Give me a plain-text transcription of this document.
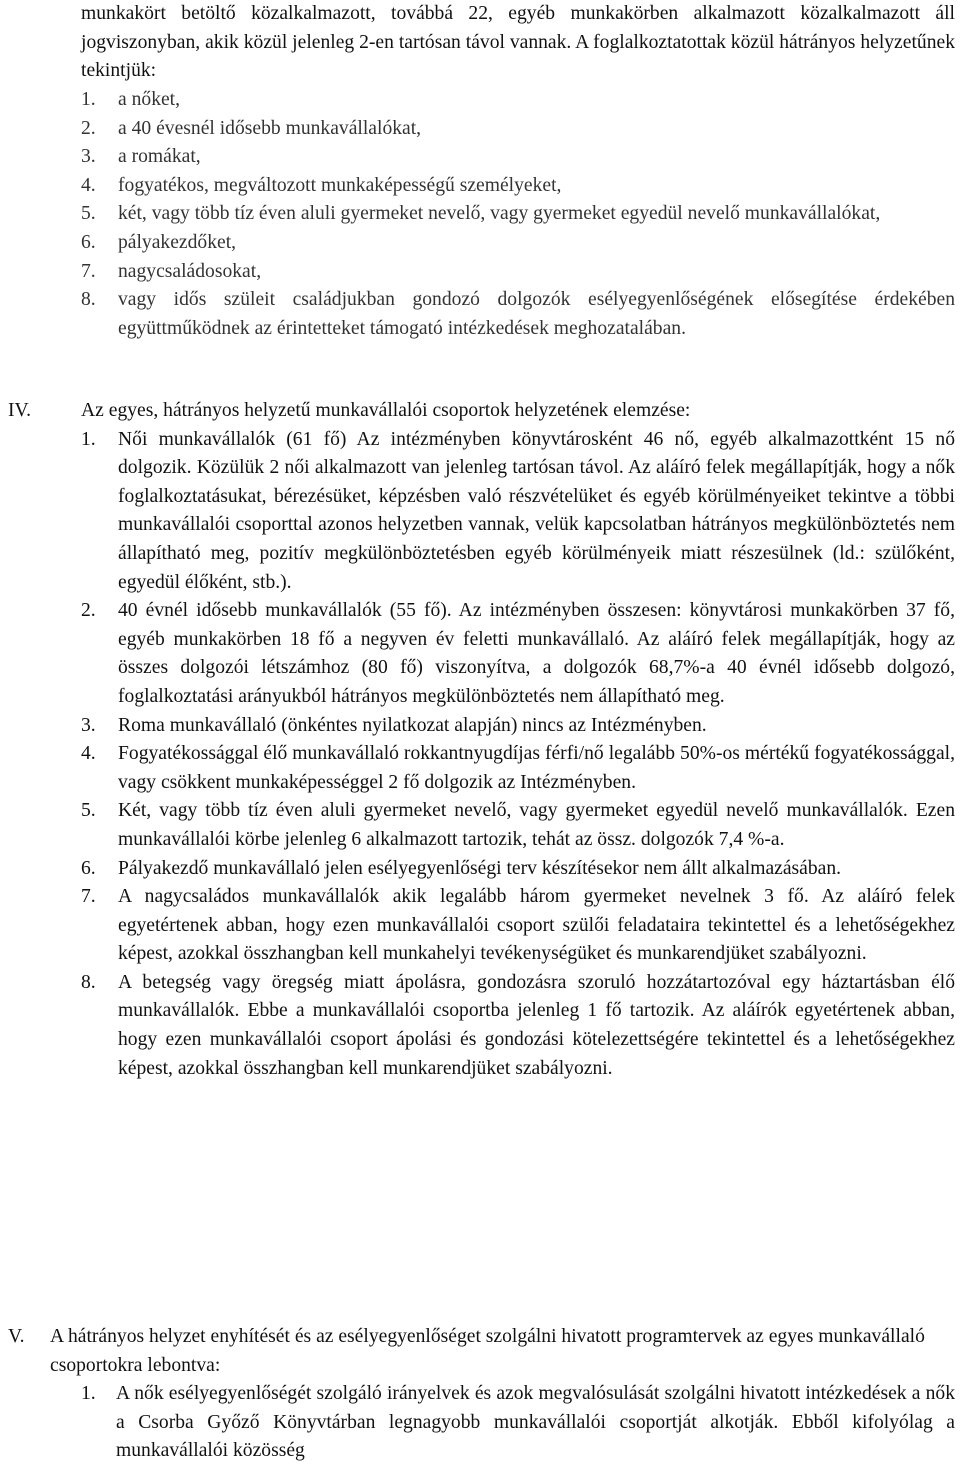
munkakört betöltő közalkalmazott, továbbá 22, egyéb munkakörben alkalmazott közalkalmazott áll jogviszonyban, akik közül jelenleg 2-en tartósan távol vannak. A foglalkoztatottak közül hátrányos helyzetűnek tekintjük:
1.	a nőket,
2.	a 40 évesnél idősebb munkavállalókat,
3.	a romákat,
4.	fogyatékos, megváltozott munkaképességű személyeket,
5.	két, vagy több tíz éven aluli gyermeket nevelő, vagy gyermeket egyedül nevelő munkavállalókat,
6.	pályakezdőket,
7.	nagycsaládosokat,
8.	vagy idős szüleit családjukban gondozó dolgozók esélyegyenlőségének elősegítése érdekében együttműködnek az érintetteket támogató intézkedések meghozatalában.
IV.	Az egyes, hátrányos helyzetű munkavállalói csoportok helyzetének elemzése:
1.	Női munkavállalók (61 fő) Az intézményben könyvtárosként 46 nő, egyéb alkalmazottként 15 nő dolgozik. Közülük 2 női alkalmazott van jelenleg tartósan távol. Az aláíró felek megállapítják, hogy a nők foglalkoztatásukat, bérezésüket, képzésben való részvételüket és egyéb körülményeiket tekintve a többi munkavállalói csoporttal azonos helyzetben vannak, velük kapcsolatban hátrányos megkülönböztetés nem állapítható meg, pozitív megkülönböztetésben egyéb körülményeik miatt részesülnek (ld.: szülőként, egyedül élőként, stb.).
2.	40 évnél idősebb munkavállalók (55 fő). Az intézményben összesen: könyvtárosi munkakörben 37 fő, egyéb munkakörben 18 fő a negyven év feletti munkavállaló. Az aláíró felek megállapítják, hogy az összes dolgozói létszámhoz (80 fő) viszonyítva, a dolgozók 68,7%-a 40 évnél idősebb dolgozó, foglalkoztatási arányukból hátrányos megkülönböztetés nem állapítható meg.
3.	Roma munkavállaló (önkéntes nyilatkozat alapján) nincs az Intézményben.
4.	Fogyatékossággal élő munkavállaló rokkantnyugdíjas férfi/nő legalább 50%-os mértékű fogyatékossággal, vagy csökkent munkaképességgel 2 fő dolgozik az Intézményben.
5.	Két, vagy több tíz éven aluli gyermeket nevelő, vagy gyermeket egyedül nevelő munkavállalók. Ezen munkavállalói körbe jelenleg 6 alkalmazott tartozik, tehát az össz. dolgozók 7,4 %-a.
6.	Pályakezdő munkavállaló jelen esélyegyenlőségi terv készítésekor nem állt alkalmazásában.
7.	A nagycsaládos munkavállalók akik legalább három gyermeket nevelnek 3 fő. Az aláíró felek egyetértenek abban, hogy ezen munkavállalói csoport szülői feladataira tekintettel és a lehetőségekhez képest, azokkal összhangban kell munkahelyi tevékenységüket és munkarendjüket szabályozni.
8.	A betegség vagy öregség miatt ápolásra, gondozásra szoruló hozzátartozóval egy háztartásban élő munkavállalók. Ebbe a munkavállalói csoportba jelenleg 1 fő tartozik. Az aláírók egyetértenek abban, hogy ezen munkavállalói csoport ápolási és gondozási kötelezettségére tekintettel és a lehetőségekhez képest, azokkal összhangban kell munkarendjüket szabályozni.
V.	A hátrányos helyzet enyhítését és az esélyegyenlőséget szolgálni hivatott programtervek az egyes munkavállaló csoportokra lebontva:
1.	A nők esélyegyenlőségét szolgáló irányelvek és azok megvalósulását szolgálni hivatott intézkedések a nők a Csorba Győző Könyvtárban legnagyobb munkavállalói csoportját alkotják. Ebből kifolyólag a munkavállalói közösség
